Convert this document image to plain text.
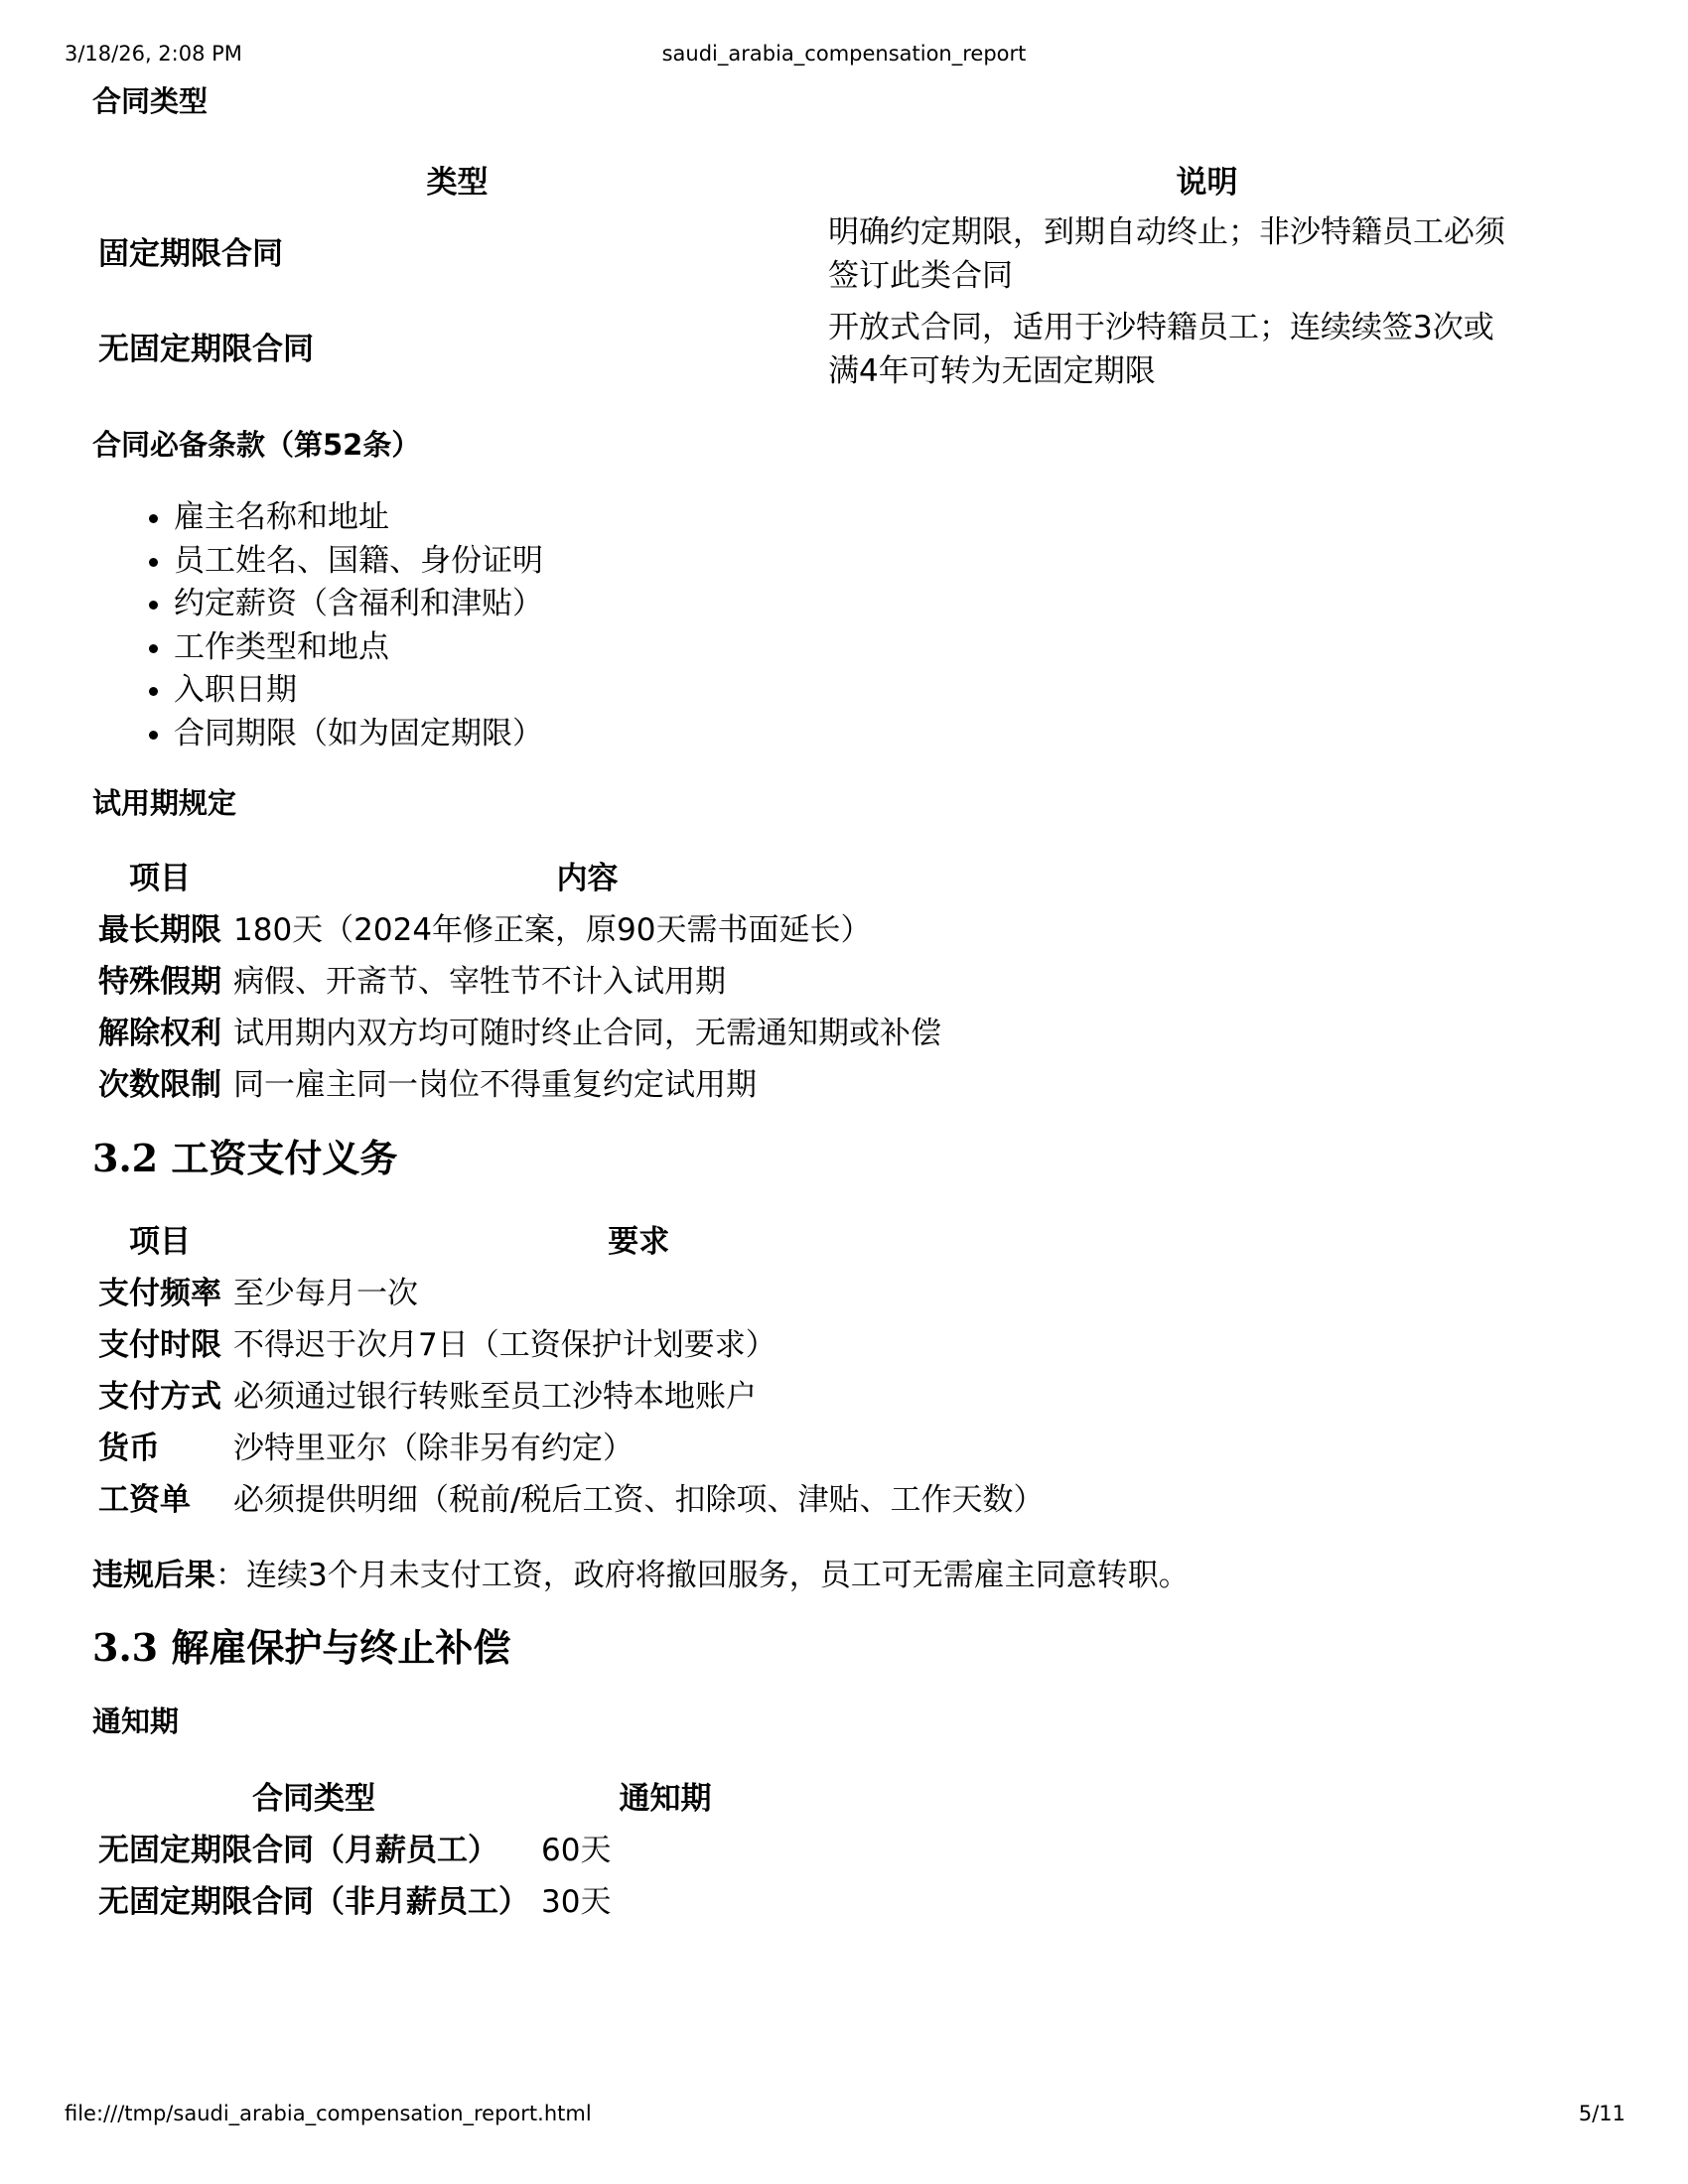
3/18/26, 2:08 PM	saudi_arabia_compensation_report
合同类型
类型	说明
固定期限合同	明确约定期限，到期自动终止；非沙特籍员工必须
签订此类合同
无固定期限合同	开放式合同，适用于沙特籍员工；连续续签3次或
满4年可转为无固定期限
合同必备条款（第52条）
• 雇主名称和地址
• 员工姓名、国籍、身份证明
• 约定薪资（含福利和津贴）
• 工作类型和地点
• 入职日期
• 合同期限（如为固定期限）
试用期规定
项目	内容
最长期限	180天（2024年修正案，原90天需书面延长）
特殊假期	病假、开斋节、宰牲节不计入试用期
解除权利	试用期内双方均可随时终止合同，无需通知期或补偿
次数限制	同一雇主同一岗位不得重复约定试用期
3.2 工资支付义务
项目	要求
支付频率	至少每月一次
支付时限	不得迟于次月7日（工资保护计划要求）
支付方式	必须通过银行转账至员工沙特本地账户
货币	沙特里亚尔（除非另有约定）
工资单	必须提供明细（税前/税后工资、扣除项、津贴、工作天数）

违规后果：连续3个月未支付工资，政府将撤回服务，员工可无需雇主同意转职。

3.3 解雇保护与终止补偿
通知期
合同类型	通知期
无固定期限合同（月薪员工）	60天
无固定期限合同（非月薪员工）	30天
file:///tmp/saudi_arabia_compensation_report.html	5/11
